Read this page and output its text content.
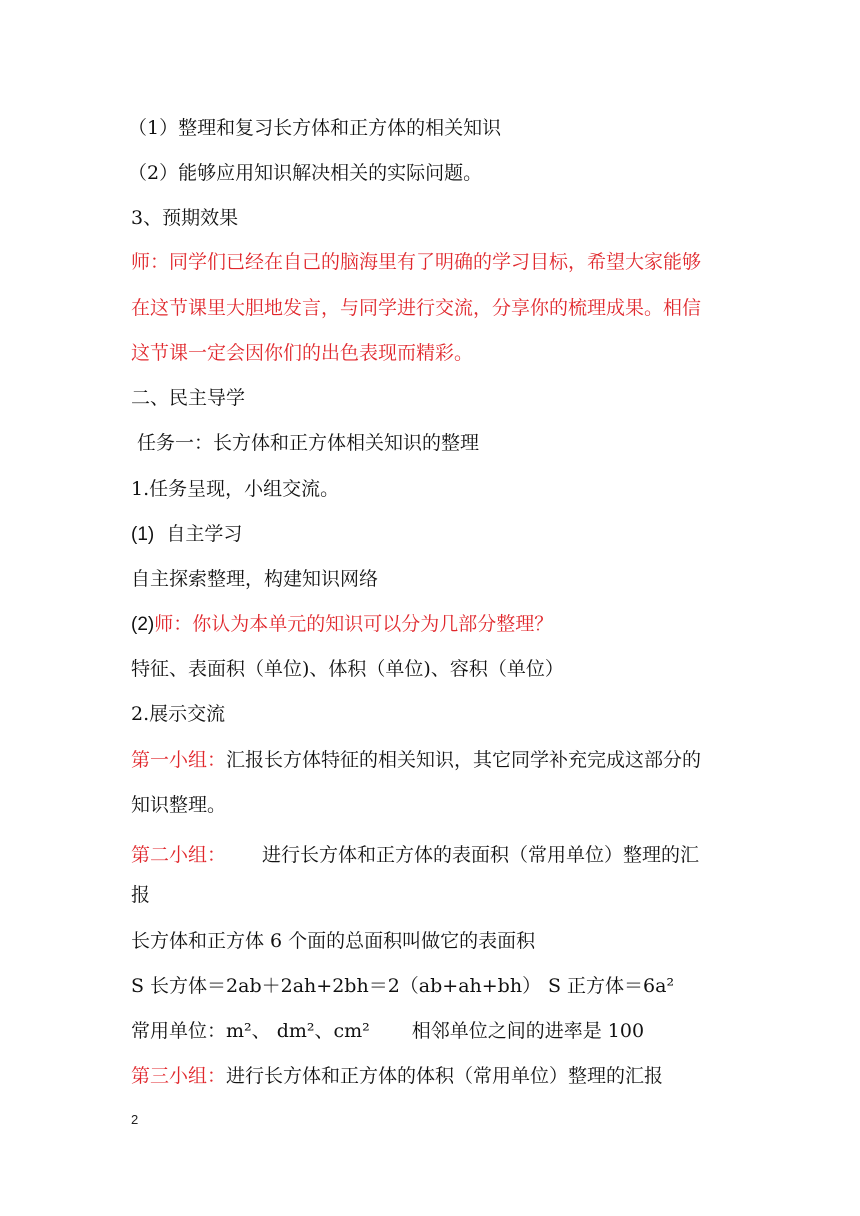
（1）整理和复习长方体和正方体的相关知识
（2）能够应用知识解决相关的实际问题。
3、预期效果
师：同学们已经在自己的脑海里有了明确的学习目标，希望大家能够
在这节课里大胆地发言，与同学进行交流，分享你的梳理成果。相信
这节课一定会因你们的出色表现而精彩。
二、民主导学
任务一：长方体和正方体相关知识的整理
1.任务呈现，小组交流。
(1) 自主学习
自主探索整理，构建知识网络
(2)师：你认为本单元的知识可以分为几部分整理？
特征、表面积（单位)、体积（单位)、容积（单位）
2.展示交流
第一小组：汇报长方体特征的相关知识，其它同学补充完成这部分的
知识整理。
第二小组： 进行长方体和正方体的表面积（常用单位）整理的汇
报
长方体和正方体 6 个面的总面积叫做它的表面积
S 长方体＝2ab＋2ah+2bh＝2（ab+ah+bh） S 正方体＝6a²
常用单位：m²、 dm²、cm² 相邻单位之间的进率是 100
第三小组：进行长方体和正方体的体积（常用单位）整理的汇报
2
